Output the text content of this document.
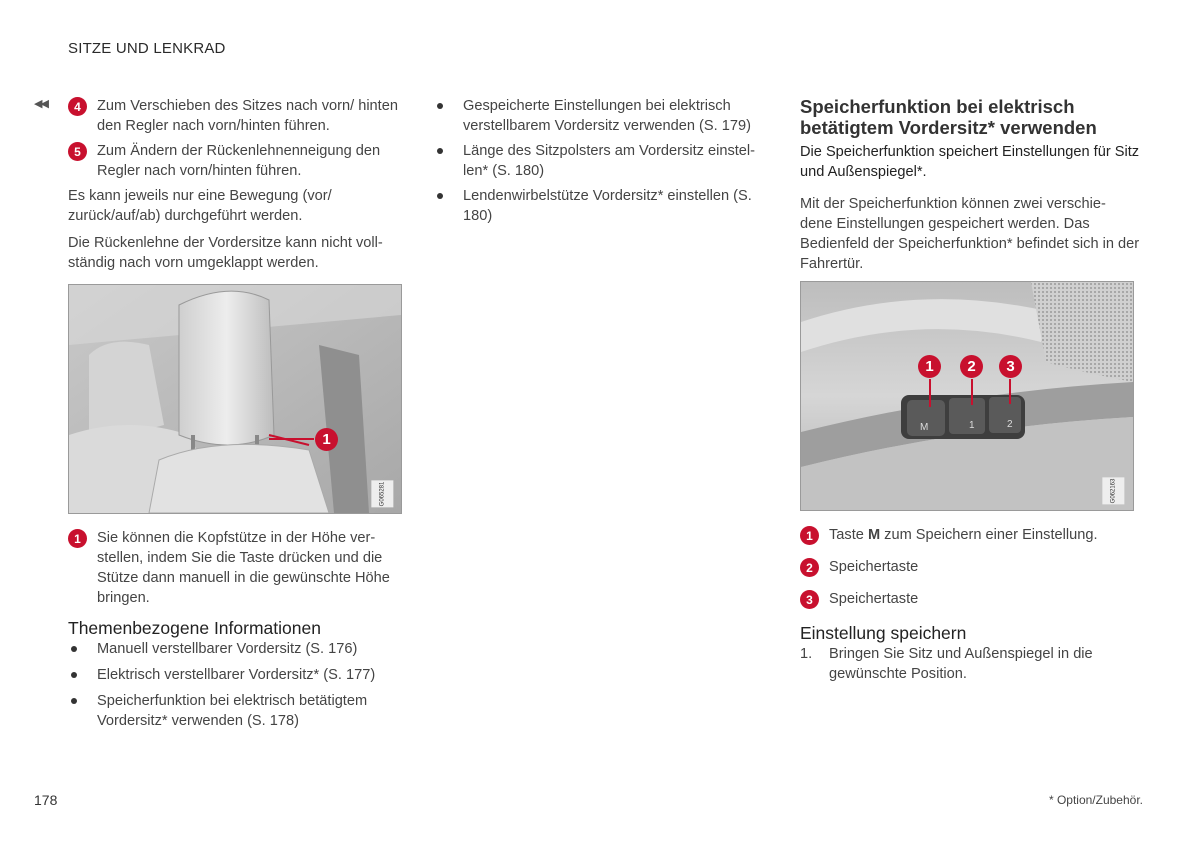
SITZE UND LENKRAD
◀◀	4	Zum Verschieben des Sitzes nach vorn/ hinten den Regler nach vorn/hinten führen.
5	Zum Ändern der Rückenlehnenneigung den Regler nach vorn/hinten führen.

Es kann jeweils nur eine Bewegung (vor/ zurück/auf/ab) durchgeführt werden.

Die Rückenlehne der Vordersitze kann nicht voll- ständig nach vorn umgeklappt werden.

1
G065281
1	Sie können die Kopfstütze in der Höhe ver- stellen, indem Sie die Taste drücken und die Stütze dann manuell in die gewünschte Höhe bringen.
Themenbezogene Informationen
Manuell verstellbarer Vordersitz (S. 176)
Elektrisch verstellbarer Vordersitz* (S. 177)
Speicherfunktion bei elektrisch betätigtem Vordersitz* verwenden (S. 178)
Gespeicherte Einstellungen bei elektrisch verstellbarem Vordersitz verwenden (S. 179)
Länge des Sitzpolsters am Vordersitz einstel- len* (S. 180)
Lendenwirbelstütze Vordersitz* einstellen (S. 180)
Speicherfunktion bei elektrisch betätigtem Vordersitz* verwenden

Die Speicherfunktion speichert Einstellungen für Sitz und Außenspiegel*.

Mit der Speicherfunktion können zwei verschie- dene Einstellungen gespeichert werden. Das Bedienfeld der Speicherfunktion* befindet sich in der Fahrertür.

M	1	2
1	2	3
G062163
1	Taste M zum Speichern einer Einstellung.
2	Speichertaste
3	Speichertaste
Einstellung speichern
1. Bringen Sie Sitz und Außenspiegel in die gewünschte Position.
178	* Option/Zubehör.
